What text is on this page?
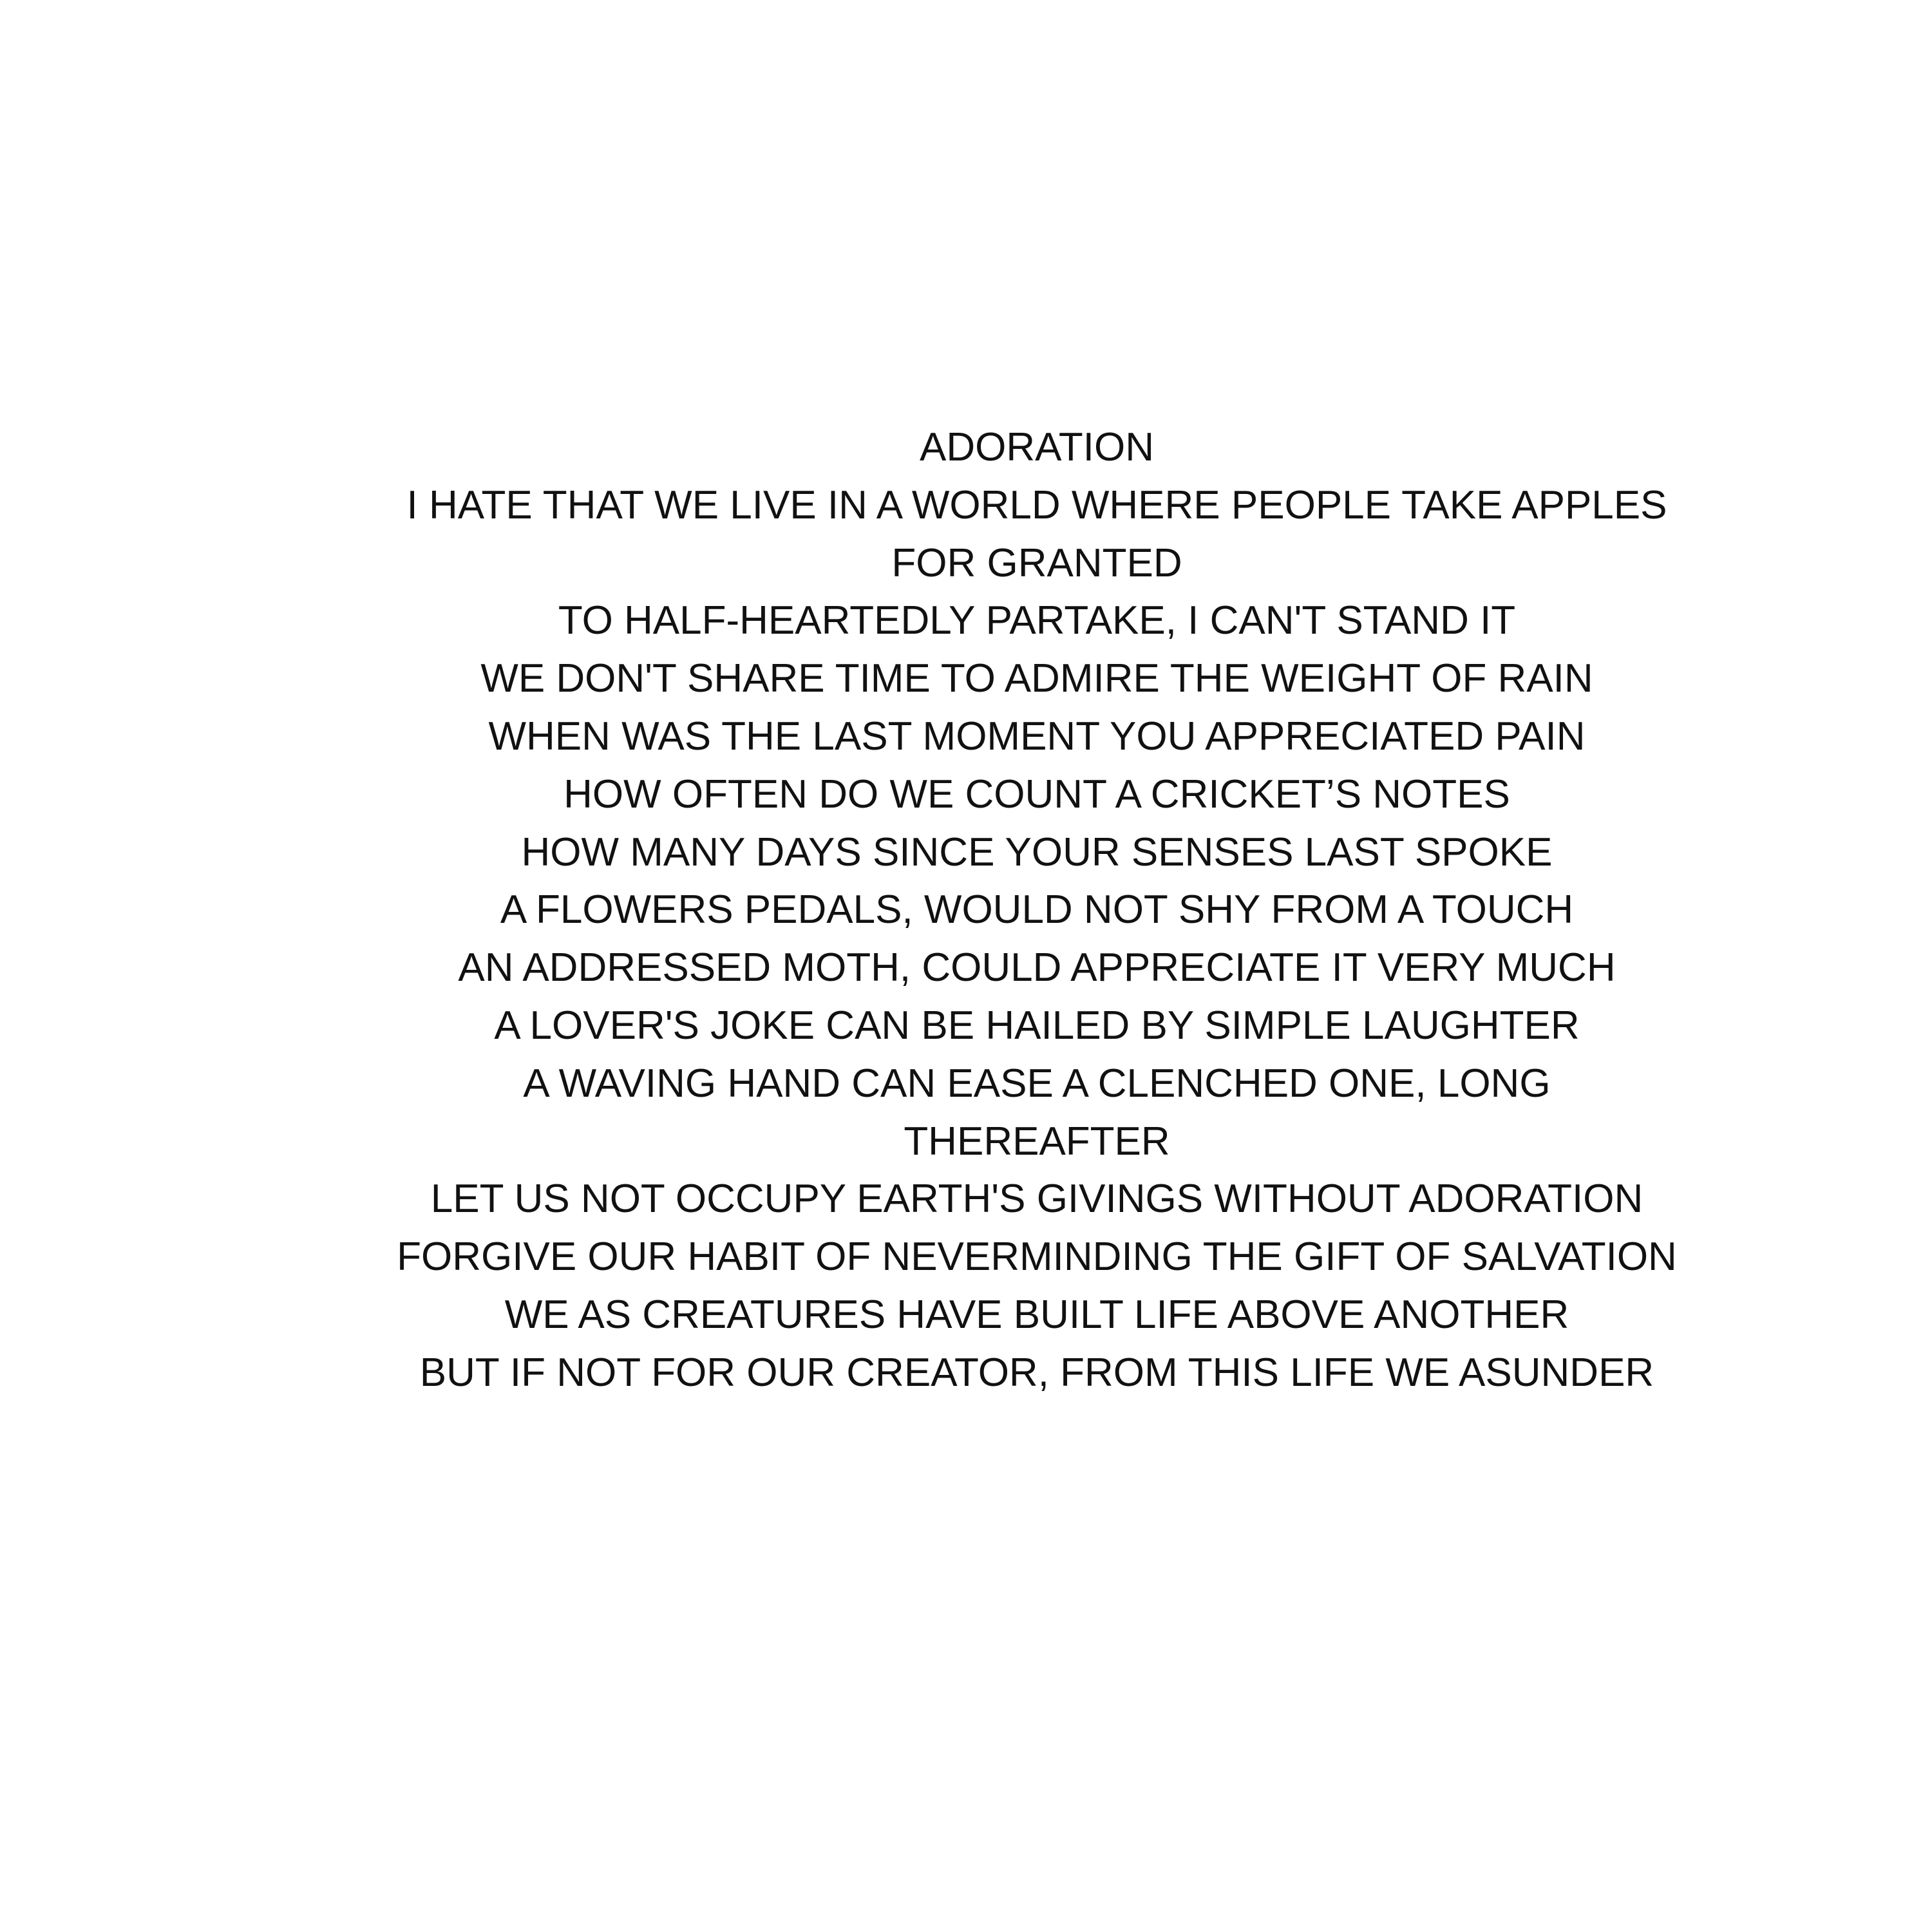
ADORATION
I HATE THAT WE LIVE IN A WORLD WHERE PEOPLE TAKE APPLES
FOR GRANTED
TO HALF-HEARTEDLY PARTAKE, I CAN'T STAND IT
WE DON'T SHARE TIME TO ADMIRE THE WEIGHT OF RAIN
WHEN WAS THE LAST MOMENT YOU APPRECIATED PAIN
HOW OFTEN DO WE COUNT A CRICKET’S NOTES
HOW MANY DAYS SINCE YOUR SENSES LAST SPOKE
A FLOWERS PEDALS, WOULD NOT SHY FROM A TOUCH
AN ADDRESSED MOTH, COULD APPRECIATE IT VERY MUCH
A LOVER'S JOKE CAN BE HAILED BY SIMPLE LAUGHTER
A WAVING HAND CAN EASE A CLENCHED ONE, LONG
THEREAFTER
LET US NOT OCCUPY EARTH'S GIVINGS WITHOUT ADORATION
FORGIVE OUR HABIT OF NEVERMINDING THE GIFT OF SALVATION
WE AS CREATURES HAVE BUILT LIFE ABOVE ANOTHER
BUT IF NOT FOR OUR CREATOR, FROM THIS LIFE WE ASUNDER
